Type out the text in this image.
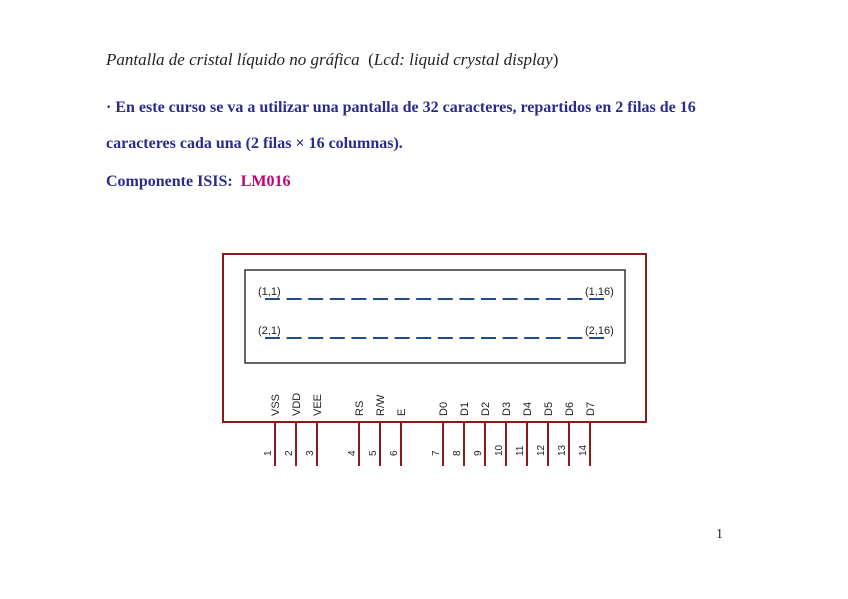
Pantalla de cristal líquido no gráfica (Lcd: liquid crystal display)
· En este curso se va a utilizar una pantalla de 32 caracteres, repartidos en 2 filas de 16
caracteres cada una (2 filas × 16 columnas).
Componente ISIS: LM016
(1,1)	(1,16)
(2,1)	(2,16)
VSS
1
VDD
2
VEE
3
RS
4
R/W
5
E
6
D0
7
D1
8
D2
9
D3
10
D4
11
D5
12
D6
13
D7
14
1
